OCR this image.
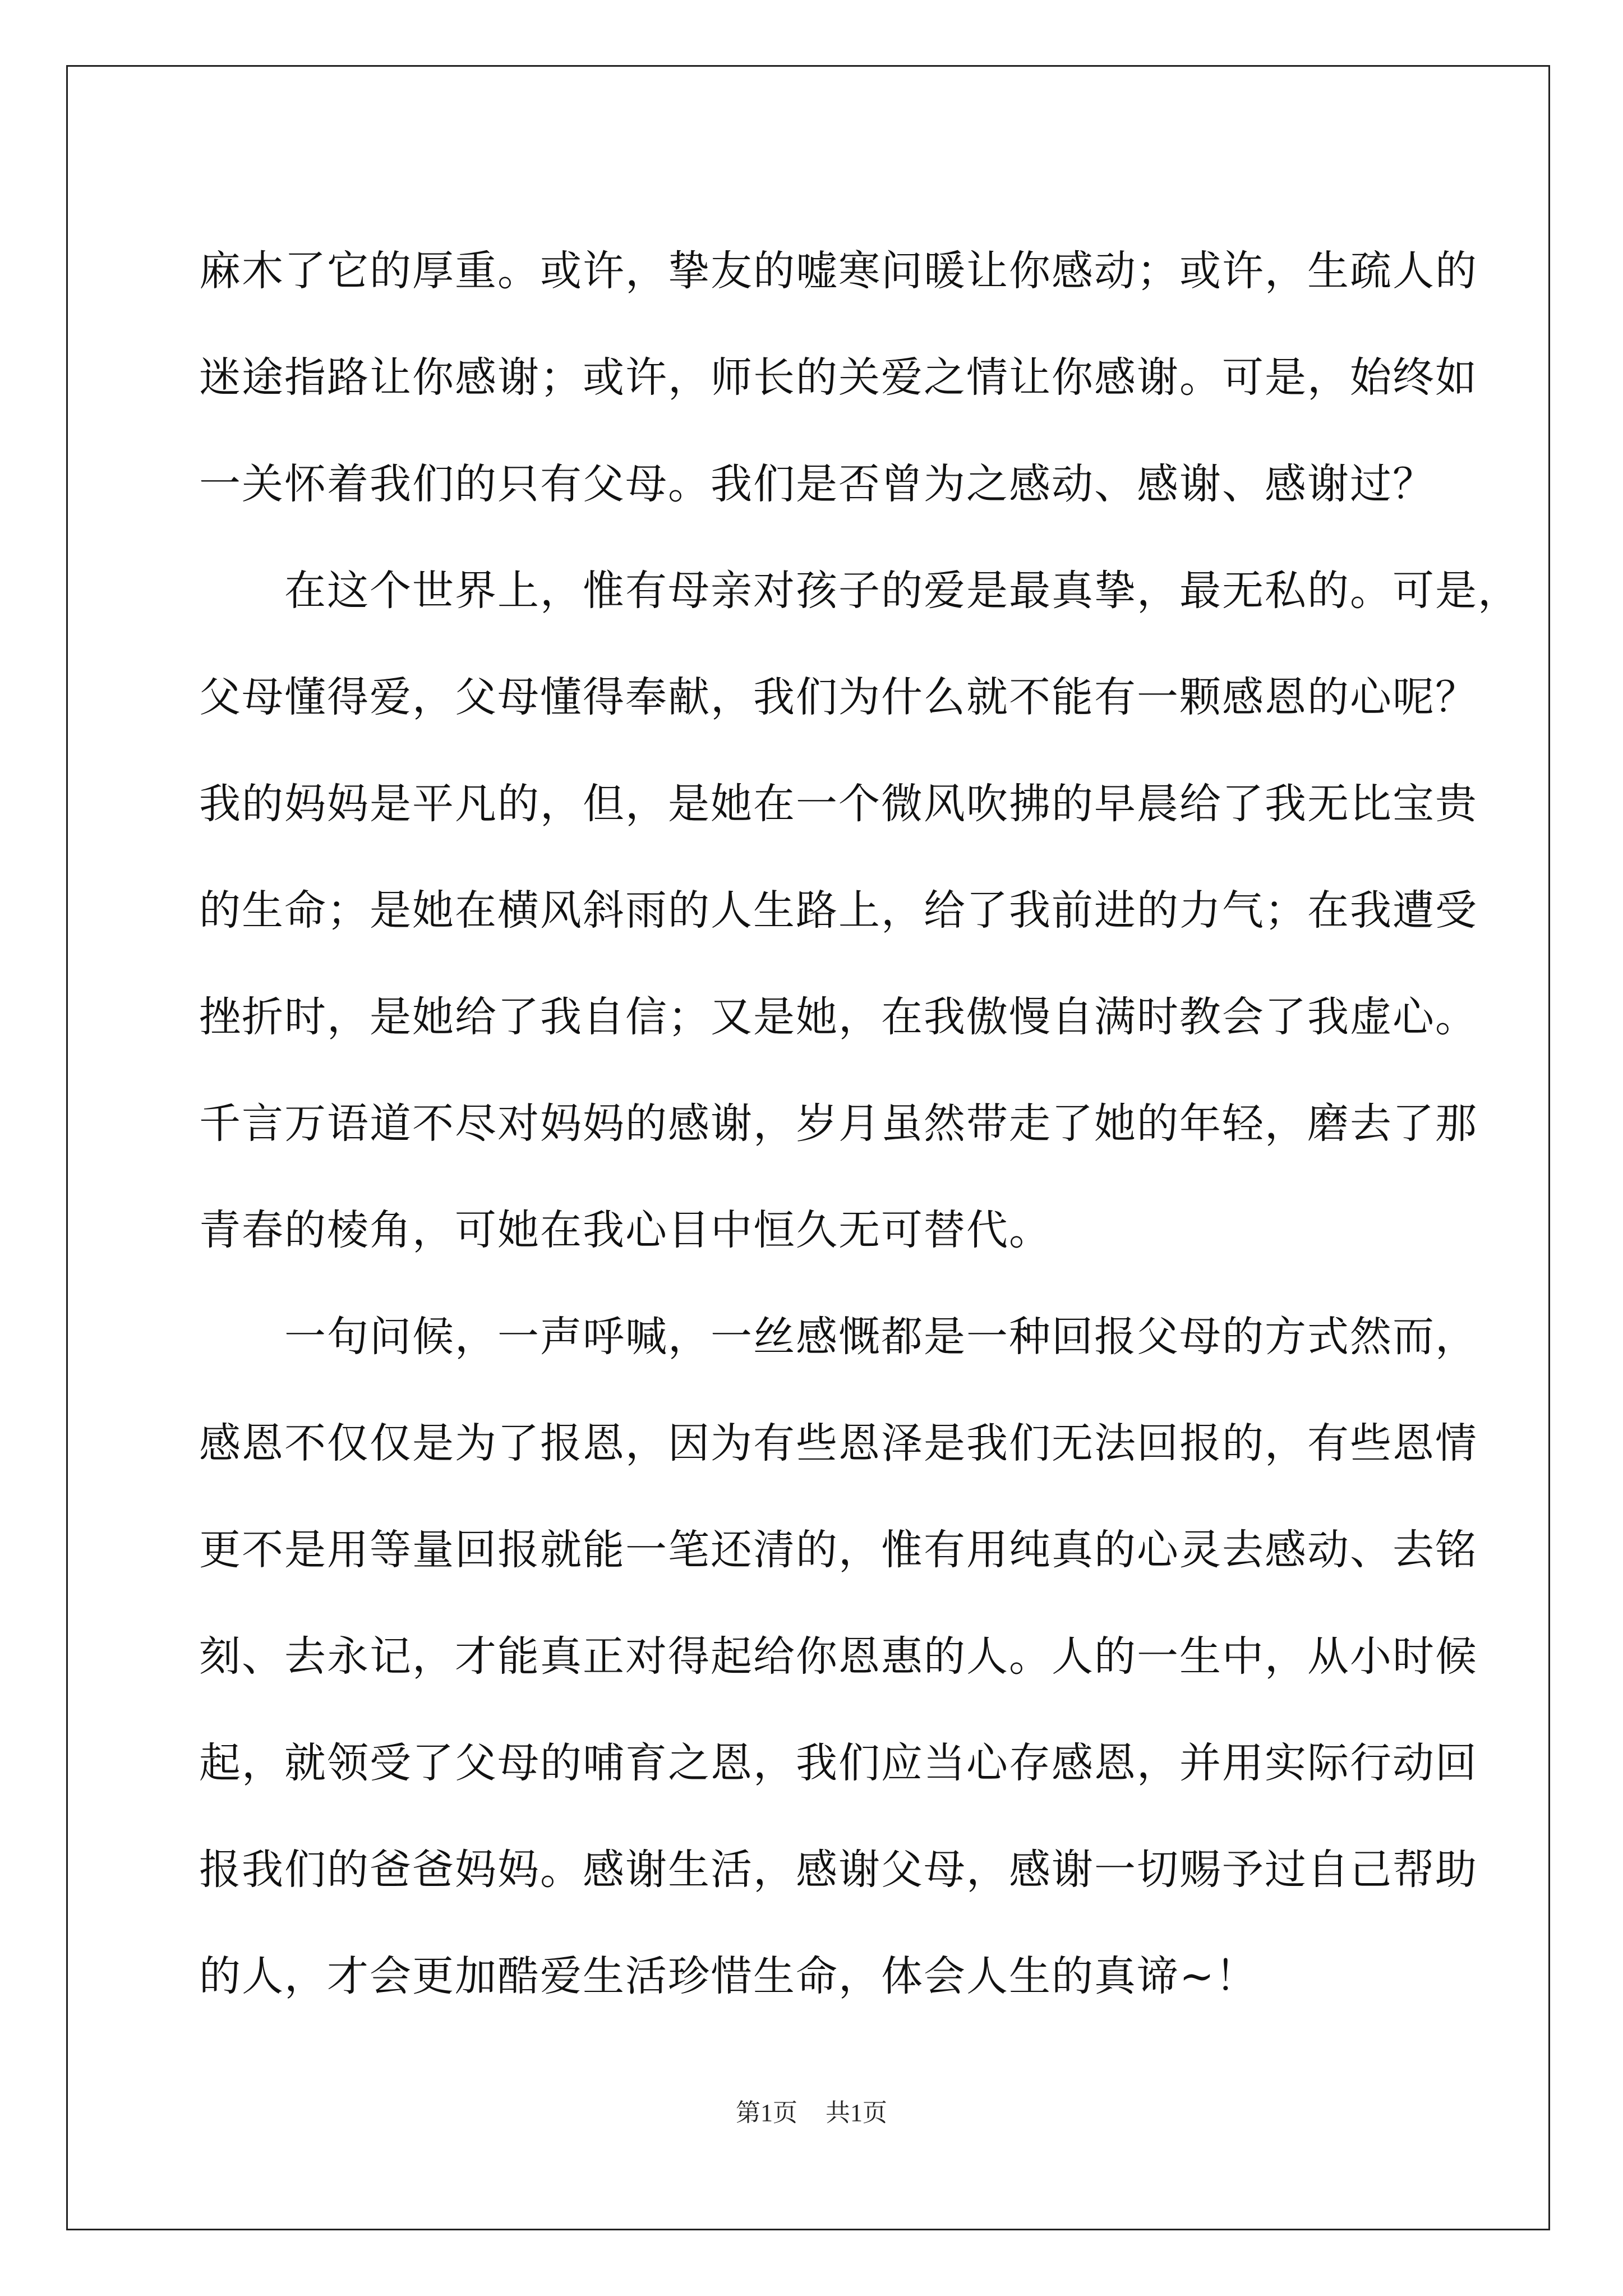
麻木了它的厚重。或许，挚友的嘘寒问暖让你感动；或许，生疏人的
迷途指路让你感谢；或许，师长的关爱之情让你感谢。可是，始终如
一关怀着我们的只有父母。我们是否曾为之感动、感谢、感谢过？
　　在这个世界上，惟有母亲对孩子的爱是最真挚，最无私的。可是，
父母懂得爱，父母懂得奉献，我们为什么就不能有一颗感恩的心呢？
我的妈妈是平凡的，但，是她在一个微风吹拂的早晨给了我无比宝贵
的生命；是她在横风斜雨的人生路上，给了我前进的力气；在我遭受
挫折时，是她给了我自信；又是她，在我傲慢自满时教会了我虚心。
千言万语道不尽对妈妈的感谢，岁月虽然带走了她的年轻，磨去了那
青春的棱角，可她在我心目中恒久无可替代。
　　一句问候，一声呼喊，一丝感慨都是一种回报父母的方式然而，
感恩不仅仅是为了报恩，因为有些恩泽是我们无法回报的，有些恩情
更不是用等量回报就能一笔还清的，惟有用纯真的心灵去感动、去铭
刻、去永记，才能真正对得起给你恩惠的人。人的一生中，从小时候
起，就领受了父母的哺育之恩，我们应当心存感恩，并用实际行动回
报我们的爸爸妈妈。感谢生活，感谢父母，感谢一切赐予过自己帮助
的人，才会更加酷爱生活珍惜生命，体会人生的真谛~！
第1页 共1页
